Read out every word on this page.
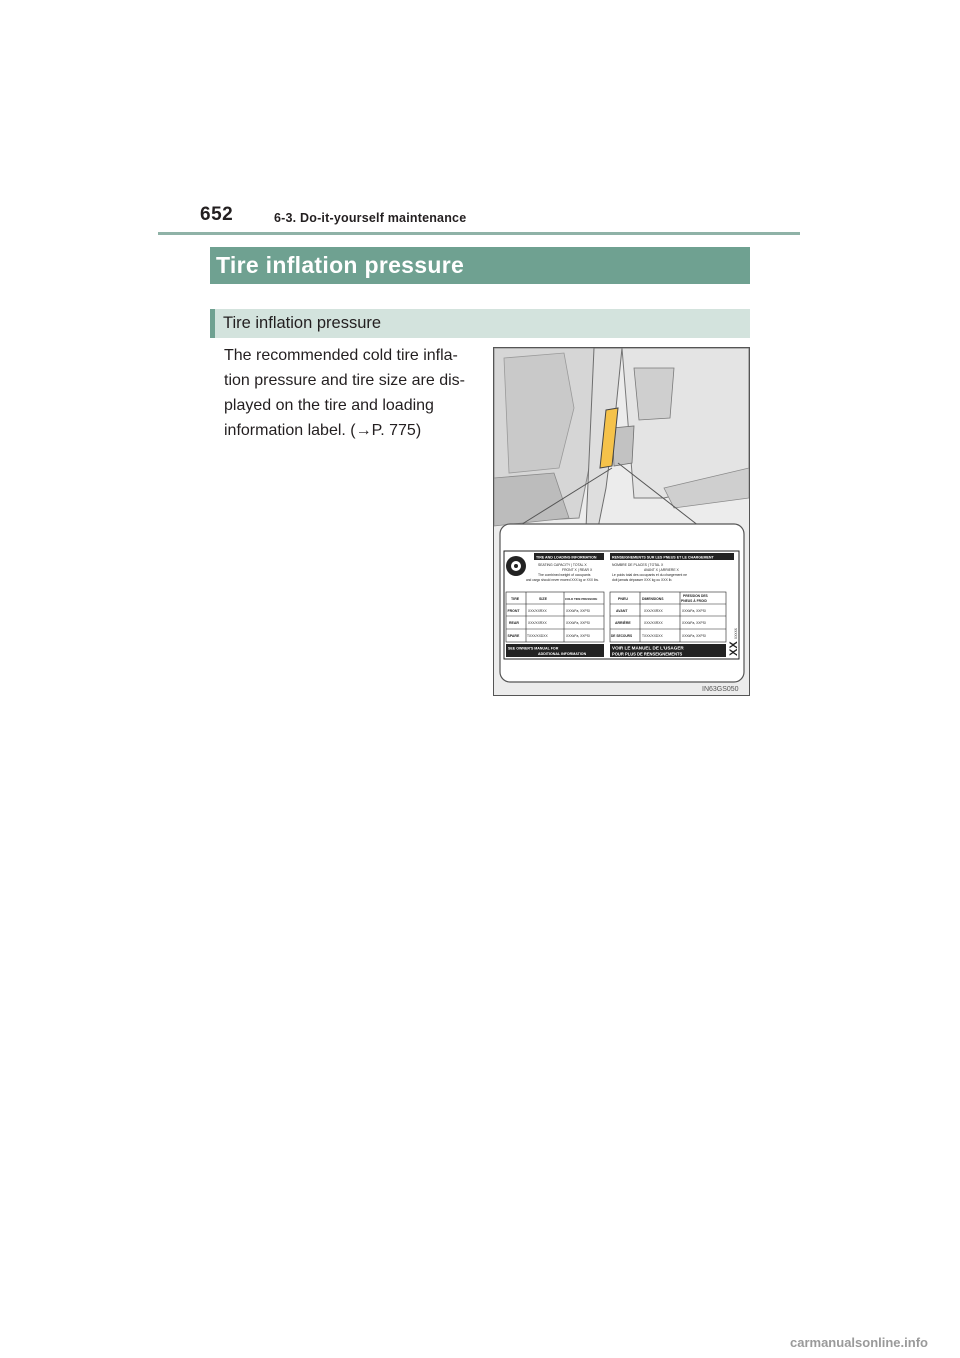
652	6-3. Do-it-yourself maintenance
Tire inflation pressure
Tire inflation pressure
The recommended cold tire infla-
tion pressure and tire size are dis-
played on the tire and loading
information label. (→P. 775)
TIRE AND LOADING INFORMATION
SEATING CAPACITY | TOTAL X
FRONT X | REAR X
The combined weight of occupants
and cargo should never exceed XXX kg or XXX lbs.
RENSEIGNEMENTS SUR LES PNEUS ET LE CHARGEMENT
NOMBRE DE PLACES | TOTAL X
AVANT X | ARRIERE X
Le poids total des occupants et du chargement ne
doit jamais dépasser XXX kg ou XXX lb.
TIRE	SIZE	COLD TIRE PRESSURE
FRONT	XXX/XXRXX	XXXkPa, XXPSI
REAR	XXX/XXRXX	XXXkPa, XXPSI
SPARE TXXX/XXDXX	XXXkPa, XXPSI
PNEU	DIMENSIONS
PRESSION DES
PNEUS À FROID
AVANT	XXX/XXRXX	XXXkPa, XXPSI
ARRIÈRE	XXX/XXRXX	XXXkPa, XXPSI
DE SECOURS	TXXX/XXDXX	XXXkPa, XXPSI
SEE OWNER'S MANUAL FOR
ADDITIONAL INFORMATION
VOIR LE MANUEL DE L'USAGER
POUR PLUS DE RENSEIGNEMENTS	XX
XXXXX
IN63GS050
carmanualsonline.info
